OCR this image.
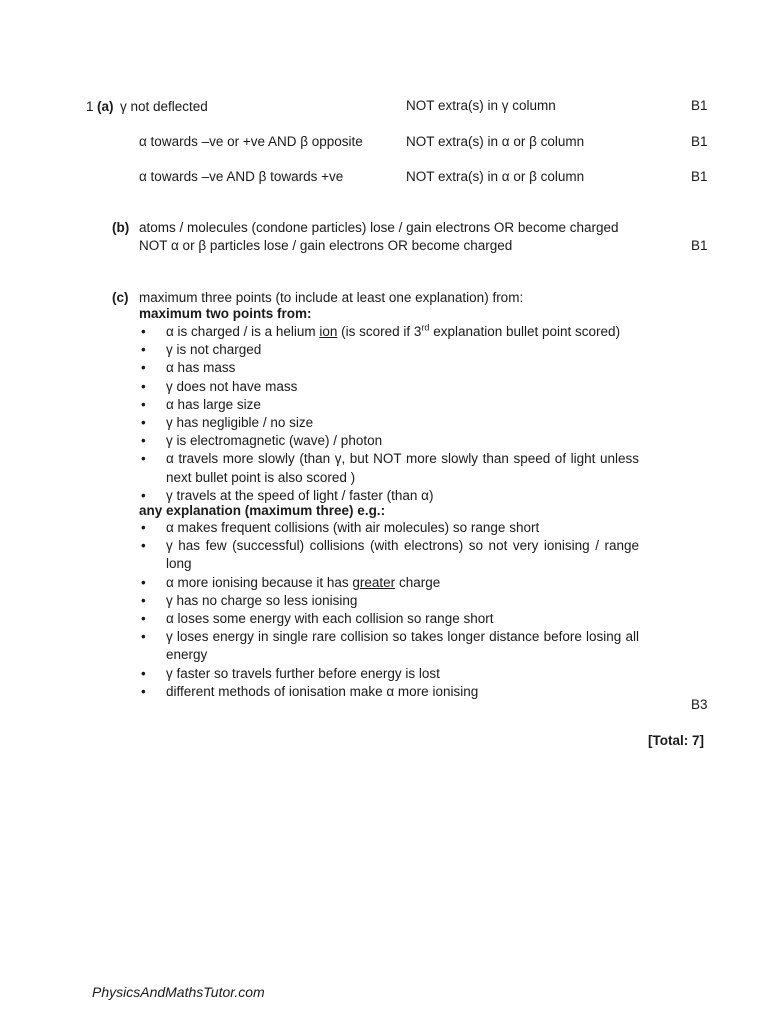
1 (a) γ not deflected	NOT extra(s) in γ column	B1
α towards –ve or +ve AND β opposite	NOT extra(s) in α or β column	B1
α towards –ve AND β towards +ve	NOT extra(s) in α or β column	B1
(b) atoms / molecules (condone particles) lose / gain electrons OR become charged
NOT α or β particles lose / gain electrons OR become charged	B1
(c) maximum three points (to include at least one explanation) from:
maximum two points from:
• α is charged / is a helium ion (is scored if 3rd explanation bullet point scored)
• γ is not charged
• α has mass
• γ does not have mass
• α has large size
• γ has negligible / no size
• γ is electromagnetic (wave) / photon
• α travels more slowly (than γ, but NOT more slowly than speed of light unless next bullet point is also scored )
• γ travels at the speed of light / faster (than α)
any explanation (maximum three) e.g.:
• α makes frequent collisions (with air molecules) so range short
• γ has few (successful) collisions (with electrons) so not very ionising / range long
• α more ionising because it has greater charge
• γ has no charge so less ionising
• α loses some energy with each collision so range short
• γ loses energy in single rare collision so takes longer distance before losing all energy
• γ faster so travels further before energy is lost
• different methods of ionisation make α more ionising
B3
[Total: 7]
PhysicsAndMathsTutor.com
